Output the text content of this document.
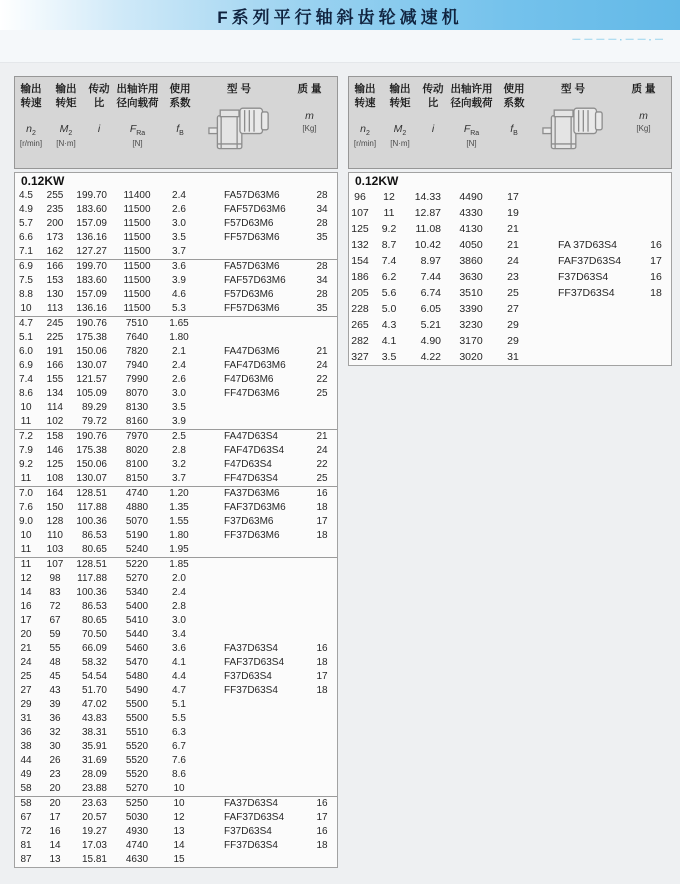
F系列平行轴斜齿轮减速机
－－－－·－－·－
输出
转速
$n_2$
[r/min]
输出
转矩
$M_2$
[N·m]
传动
比
i
出轴许用
径向载荷
$F_{Ra}$
[N]
使用
系数
$f_B$
型 号	质 量
m
[Kg]
0.12KW
4.5	255	199.70	11400	2.4	FA57D63M6	28
4.9	235	183.60	11500	2.6	FAF57D63M6	34
5.7	200	157.09	11500	3.0	F57D63M6	28
6.6	173	136.16	11500	3.5	FF57D63M6	35
7.1	162	127.27	11500	3.7
6.9	166	199.70	11500	3.6	FA57D63M6	28
7.5	153	183.60	11500	3.9	FAF57D63M6	34
8.8	130	157.09	11500	4.6	F57D63M6	28
10	113	136.16	11500	5.3	FF57D63M6	35
4.7	245	190.76	7510	1.65
5.1	225	175.38	7640	1.80
6.0	191	150.06	7820	2.1	FA47D63M6	21
6.9	166	130.07	7940	2.4	FAF47D63M6	24
7.4	155	121.57	7990	2.6	F47D63M6	22
8.6	134	105.09	8070	3.0	FF47D63M6	25
10	114	89.29	8130	3.5
11	102	79.72	8160	3.9
7.2	158	190.76	7970	2.5	FA47D63S4	21
7.9	146	175.38	8020	2.8	FAF47D63S4	24
9.2	125	150.06	8100	3.2	F47D63S4	22
11	108	130.07	8150	3.7	FF47D63S4	25
7.0	164	128.51	4740	1.20	FA37D63M6	16
7.6	150	117.88	4880	1.35	FAF37D63M6	18
9.0	128	100.36	5070	1.55	F37D63M6	17
10	110	86.53	5190	1.80	FF37D63M6	18
11	103	80.65	5240	1.95
11	107	128.51	5220	1.85
12	98	117.88	5270	2.0
14	83	100.36	5340	2.4
16	72	86.53	5400	2.8
17	67	80.65	5410	3.0
20	59	70.50	5440	3.4
21	55	66.09	5460	3.6	FA37D63S4	16
24	48	58.32	5470	4.1	FAF37D63S4	18
25	45	54.54	5480	4.4	F37D63S4	17
27	43	51.70	5490	4.7	FF37D63S4	18
29	39	47.02	5500	5.1
31	36	43.83	5500	5.5
36	32	38.31	5510	6.3
38	30	35.91	5520	6.7
44	26	31.69	5520	7.6
49	23	28.09	5520	8.6
58	20	23.88	5270	10
58	20	23.63	5250	10	FA37D63S4	16
67	17	20.57	5030	12	FAF37D63S4	17
72	16	19.27	4930	13	F37D63S4	16
81	14	17.03	4740	14	FF37D63S4	18
87	13	15.81	4630	15
输出
转速
$n_2$
[r/min]
输出
转矩
$M_2$
[N·m]
传动
比
i
出轴许用
径向载荷
$F_{Ra}$
[N]
使用
系数
$f_B$
型 号	质 量
m
[Kg]
0.12KW
96	12	14.33	4490	17
107	11	12.87	4330	19
125	9.2	11.08	4130	21
132	8.7	10.42	4050	21	FA 37D63S4	16
154	7.4	8.97	3860	24	FAF37D63S4	17
186	6.2	7.44	3630	23	F37D63S4	16
205	5.6	6.74	3510	25	FF37D63S4	18
228	5.0	6.05	3390	27
265	4.3	5.21	3230	29
282	4.1	4.90	3170	29
327	3.5	4.22	3020	31
